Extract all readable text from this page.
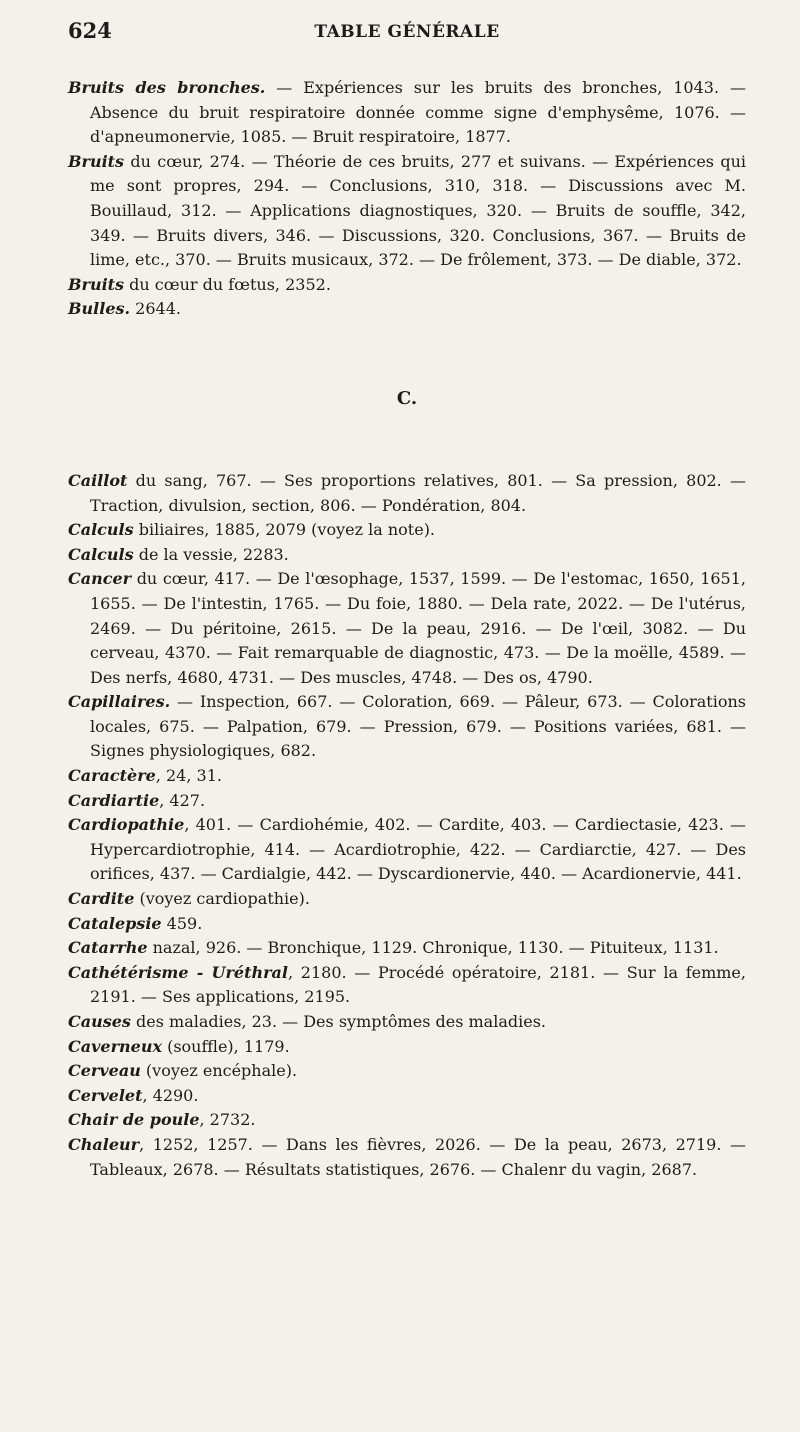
624	TABLE GÉNÉRALE

Bruits des bronches. — Expériences sur les bruits des bronches, 1043. — Absence du bruit respiratoire donnée comme signe d'emphysême, 1076. — d'apneumonervie, 1085. — Bruit respiratoire, 1877.

Bruits du cœur, 274. — Théorie de ces bruits, 277 et suivans. — Expériences qui me sont propres, 294. — Conclusions, 310, 318. — Discussions avec M. Bouillaud, 312. — Applications diagnostiques, 320. — Bruits de souffle, 342, 349. — Bruits divers, 346. — Discussions, 320. Conclusions, 367. — Bruits de lime, etc., 370. — Bruits musicaux, 372. — De frôlement, 373. — De diable, 372.

Bruits du cœur du fœtus, 2352.

Bulles. 2644.

C.

Caillot du sang, 767. — Ses proportions relatives, 801. — Sa pression, 802. — Traction, divulsion, section, 806. — Pondération, 804.

Calculs biliaires, 1885, 2079 (voyez la note).

Calculs de la vessie, 2283.

Cancer du cœur, 417. — De l'œsophage, 1537, 1599. — De l'estomac, 1650, 1651, 1655. — De l'intestin, 1765. — Du foie, 1880. — Dela rate, 2022. — De l'utérus, 2469. — Du péritoine, 2615. — De la peau, 2916. — De l'œil, 3082. — Du cerveau, 4370. — Fait remarquable de diagnostic, 473. — De la moëlle, 4589. — Des nerfs, 4680, 4731. — Des muscles, 4748. — Des os, 4790.

Capillaires. — Inspection, 667. — Coloration, 669. — Pâleur, 673. — Colorations locales, 675. — Palpation, 679. — Pression, 679. — Positions variées, 681. — Signes physiologiques, 682.

Caractère, 24, 31.

Cardiartie, 427.

Cardiopathie, 401. — Cardiohémie, 402. — Cardite, 403. — Cardiectasie, 423. — Hypercardiotrophie, 414. — Acardiotrophie, 422. — Cardiarctie, 427. — Des orifices, 437. — Cardialgie, 442. — Dyscardionervie, 440. — Acardionervie, 441.

Cardite (voyez cardiopathie).

Catalepsie 459.

Catarrhe nazal, 926. — Bronchique, 1129. Chronique, 1130. — Pituiteux, 1131.

Cathétérisme - Uréthral, 2180. — Procédé opératoire, 2181. — Sur la femme, 2191. — Ses applications, 2195.

Causes des maladies, 23. — Des symptômes des maladies.

Caverneux (souffle), 1179.

Cerveau (voyez encéphale).

Cervelet, 4290.

Chair de poule, 2732.

Chaleur, 1252, 1257. — Dans les fièvres, 2026. — De la peau, 2673, 2719. — Tableaux, 2678. — Résultats statistiques, 2676. — Chalenr du vagin, 2687.
